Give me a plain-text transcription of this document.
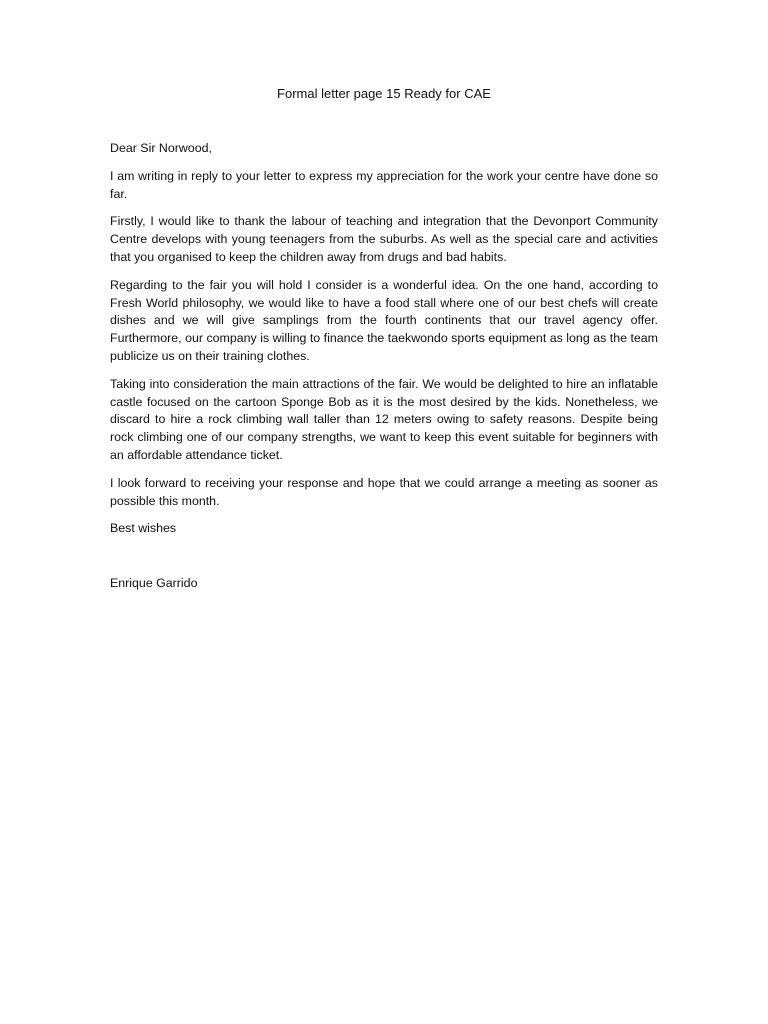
Formal letter page 15 Ready for CAE

Dear Sir Norwood,

I am writing in reply to your letter to express my appreciation for the work your centre have done so far.

Firstly, I would like to thank the labour of teaching and integration that the Devonport Community Centre develops with young teenagers from the suburbs. As well as the special care and activities that you organised to keep the children away from drugs and bad habits.

Regarding to the fair you will hold I consider is a wonderful idea. On the one hand, according to Fresh World philosophy, we would like to have a food stall where one of our best chefs will create dishes and we will give samplings from the fourth continents that our travel agency offer. Furthermore, our company is willing to finance the taekwondo sports equipment as long as the team publicize us on their training clothes.

Taking into consideration the main attractions of the fair. We would be delighted to hire an inflatable castle focused on the cartoon Sponge Bob as it is the most desired by the kids. Nonetheless, we discard to hire a rock climbing wall taller than 12 meters owing to safety reasons. Despite being rock climbing one of our company strengths, we want to keep this event suitable for beginners with an affordable attendance ticket.

I look forward to receiving your response and hope that we could arrange a meeting as sooner as possible this month.

Best wishes

Enrique Garrido
